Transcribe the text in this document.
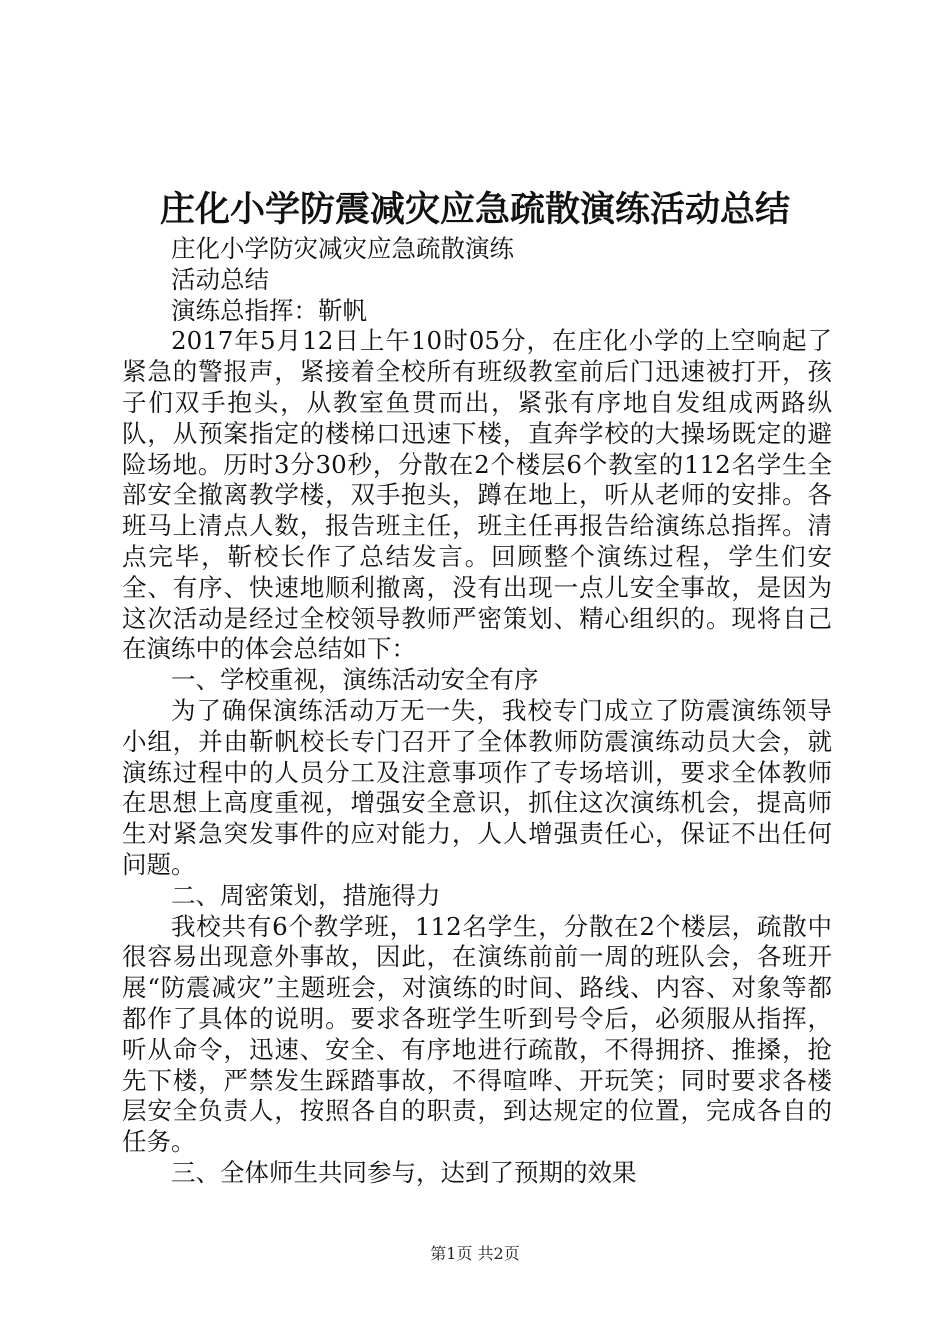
庄化小学防震减灾应急疏散演练活动总结

庄化小学防灾减灾应急疏散演练

活动总结

演练总指挥：靳帆

2017年5月12日上午10时05分，在庄化小学的上空响起了紧急的警报声，紧接着全校所有班级教室前后门迅速被打开，孩子们双手抱头，从教室鱼贯而出，紧张有序地自发组成两路纵队，从预案指定的楼梯口迅速下楼，直奔学校的大操场既定的避险场地。历时3分30秒，分散在2个楼层6个教室的112名学生全部安全撤离教学楼，双手抱头，蹲在地上，听从老师的安排。各班马上清点人数，报告班主任，班主任再报告给演练总指挥。清点完毕，靳校长作了总结发言。回顾整个演练过程，学生们安全、有序、快速地顺利撤离，没有出现一点儿安全事故，是因为这次活动是经过全校领导教师严密策划、精心组织的。现将自己在演练中的体会总结如下：

一、学校重视，演练活动安全有序

为了确保演练活动万无一失，我校专门成立了防震演练领导小组，并由靳帆校长专门召开了全体教师防震演练动员大会，就演练过程中的人员分工及注意事项作了专场培训，要求全体教师在思想上高度重视，增强安全意识，抓住这次演练机会，提高师生对紧急突发事件的应对能力，人人增强责任心，保证不出任何问题。

二、周密策划，措施得力

我校共有6个教学班，112名学生，分散在2个楼层，疏散中很容易出现意外事故，因此，在演练前前一周的班队会，各班开展“防震减灾”主题班会，对演练的时间、路线、内容、对象等都都作了具体的说明。要求各班学生听到号令后，必须服从指挥，听从命令，迅速、安全、有序地进行疏散，不得拥挤、推搡，抢先下楼，严禁发生踩踏事故，不得喧哗、开玩笑；同时要求各楼层安全负责人，按照各自的职责，到达规定的位置，完成各自的任务。

三、全体师生共同参与，达到了预期的效果

第1页 共2页
